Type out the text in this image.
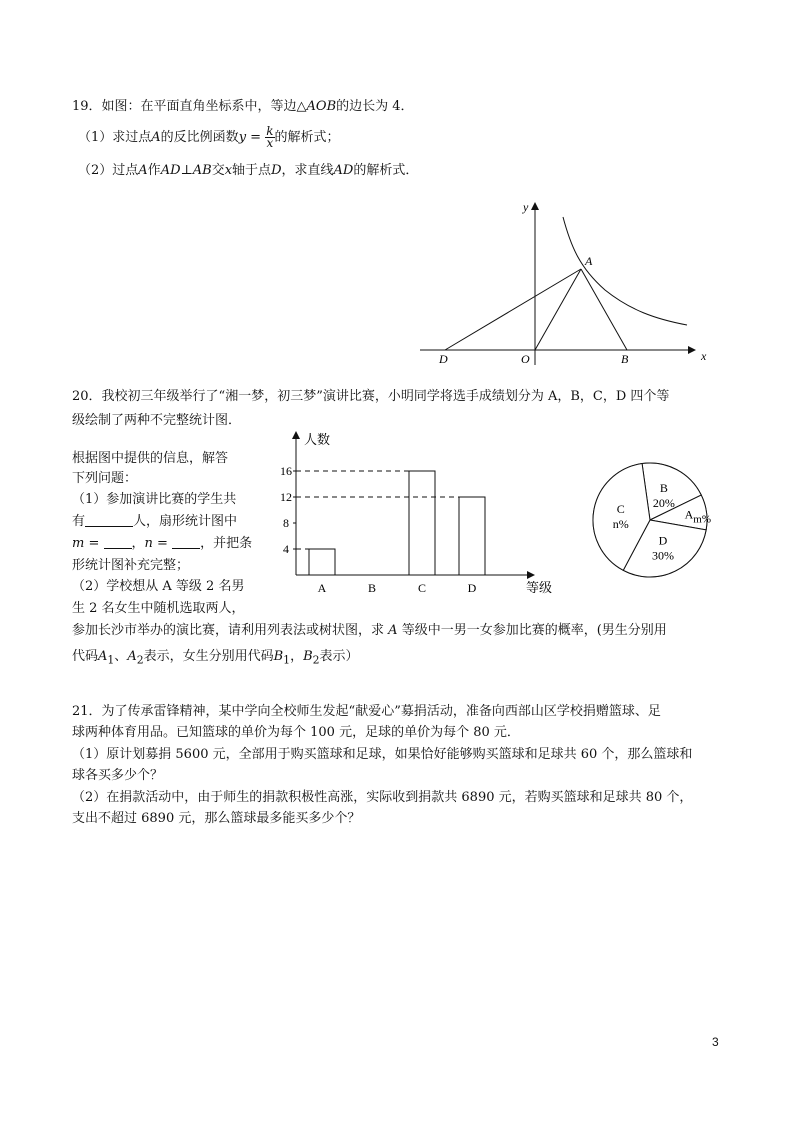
19．如图：在平面直角坐标系中，等边△AOB的边长为 4．
（1）求过点A的反比例函数$y = \frac{k}{x}$ 的解析式；
（2）过点A作AD⊥AB交x轴于点D，求直线AD的解析式．
y
x
A
O	B
D
20．我校初三年级举行了“湘一梦，初三梦”演讲比赛，小明同学将选手成绩划分为 A，B，C，D 四个等
级绘制了两种不完整统计图．
根据图中提供的信息，解答
下列问题：
（1）参加演讲比赛的学生共
有	人，扇形统计图中
m = ，n = ，并把条
形统计图补充完整；
（2）学校想从 A 等级 2 名男
生 2 名女生中随机选取两人，
参加长沙市举办的演比赛，请利用列表法或树状图，求 A 等级中一男一女参加比赛的概率，(男生分别用
代码$A_1$、$A_2$表示，女生分别用代码$B_1$，$B_2$表示）
人数
等级
4
8
12
16
A	B	C	D
B
20%
Am%
D
30%
C
n%
21．为了传承雷锋精神，某中学向全校师生发起“献爱心”募捐活动，准备向西部山区学校捐赠篮球、足
球两种体育用品。已知篮球的单价为每个 100 元，足球的单价为每个 80 元．
（1）原计划募捐 5600 元，全部用于购买篮球和足球，如果恰好能够购买篮球和足球共 60 个，那么篮球和
球各买多少个？
（2）在捐款活动中，由于师生的捐款积极性高涨，实际收到捐款共 6890 元，若购买篮球和足球共 80 个，
支出不超过 6890 元，那么篮球最多能买多少个？
3
